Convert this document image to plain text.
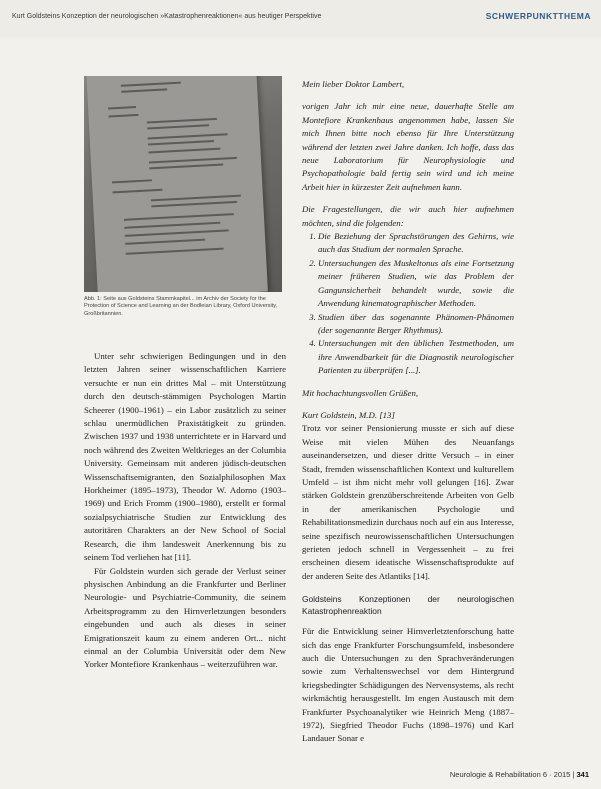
Kurt Goldsteins Konzeption der neurologischen »Katastrophenreaktionen« aus heutiger Perspektive	SCHWERPUNKTTHEMA
Abb. 1: Seite aus Goldsteins Stammkapitel... im Archiv der Society for the Protection of Science and Learning an der Bodleian Library, Oxford University, Großbritannien.

Unter sehr schwierigen Bedingungen und in den letzten Jahren seiner wissenschaftlichen Karriere versuchte er nun ein drittes Mal – mit Unterstützung durch den deutsch-stämmigen Psychologen Martin Scheerer (1900–1961) – ein Labor zusätzlich zu seiner schlau unermüdlichen Praxistätigkeit zu gründen. Zwischen 1937 und 1938 unterrichtete er in Harvard und noch während des Zweiten Weltkrieges an der Columbia University. Gemeinsam mit anderen jüdisch-deutschen Wissenschaftsemigranten, den Sozialphilosophen Max Horkheimer (1895–1973), Theodor W. Adorno (1903–1969) und Erich Fromm (1900–1980), erstellt er formal sozialpsychiatrische Studien zur Entwicklung des autoritären Charakters an der New School of Social Research, die ihm landesweit Anerkennung bis zu seinem Tod verliehen hat [11].

Für Goldstein wurden sich gerade der Verlust seiner physischen Anbindung an die Frankfurter und Berliner Neurologie- und Psychiatrie-Community, die seinem Arbeitsprogramm zu den Hirnverletzungen besonders eingebunden und auch als dieses in seiner Emigrationszeit kaum zu einem anderen Ort... nicht einmal an der Columbia Universität oder dem New Yorker Montefiore Krankenhaus – weiterzuführen war.

Mein lieber Doktor Lambert,

vorigen Jahr ich mir eine neue, dauerhafte Stelle am Montefiore Krankenhaus angenommen habe, lassen Sie mich Ihnen bitte noch ebenso für Ihre Unterstützung während der letzten zwei Jahre danken. Ich hoffe, dass das neue Laboratorium für Neurophysiologie und Psychopathologie bald fertig sein wird und ich meine Arbeit hier in kürzester Zeit aufnehmen kann.

Die Fragestellungen, die wir auch hier aufnehmen möchten, sind die folgenden:

1. Die Beziehung der Sprachstörungen des Gehirns, wie auch das Studium der normalen Sprache.
2. Untersuchungen des Muskeltonus als eine Fortsetzung meiner früheren Studien, wie das Problem der Gangunsicherheit behandelt wurde, sowie die Anwendung kinematographischer Methoden.
3. Studien über das sogenannte Phänomen-Phänomen (der sogenannte Berger Rhythmus).
4. Untersuchungen mit den üblichen Testmethoden, um ihre Anwendbarkeit für die Diagnostik neurologischer Patienten zu überprüfen [...].

Mit hochachtungsvollen Grüßen,

Kurt Goldstein, M.D. [13]

Trotz vor seiner Pensionierung musste er sich auf diese Weise mit vielen Mühen des Neuanfangs auseinandersetzen, und dieser dritte Versuch – in einer Stadt, fremden wissenschaftlichen Kontext und kulturellem Umfeld – ist ihm nicht mehr voll gelungen [16]. Zwar stärken Goldstein grenzüberschreitende Arbeiten von Gelb in der amerikanischen Psychologie und Rehabilitationsmedizin durchaus noch auf ein aus Interesse, seine spezifisch neurowissenschaftlichen Untersuchungen gerieten jedoch schnell in Vergessenheit – zu frei erscheinen diesem ideatische Wissenschaftsprodukte auf der anderen Seite des Atlantiks [14].

Goldsteins Konzeptionen der neurologischen Katastrophenreaktion

Für die Entwicklung seiner Hirnverletztenforschung hatte sich das enge Frankfurter Forschungsumfeld, insbesondere auch die Untersuchungen zu den Sprachveränderungen sowie zum Verhaltenswechsel vor dem Hintergrund kriegsbedingter Schädigungen des Nervensystems, als recht wirkmächtig herausgestellt. Im engen Austausch mit dem Frankfurter Psychoanalytiker wie Heinrich Meng (1887–1972), Siegfried Theodor Fuchs (1898–1976) und Karl Landauer Sonar e

Neurologie & Rehabilitation 6 · 2015 | 341
